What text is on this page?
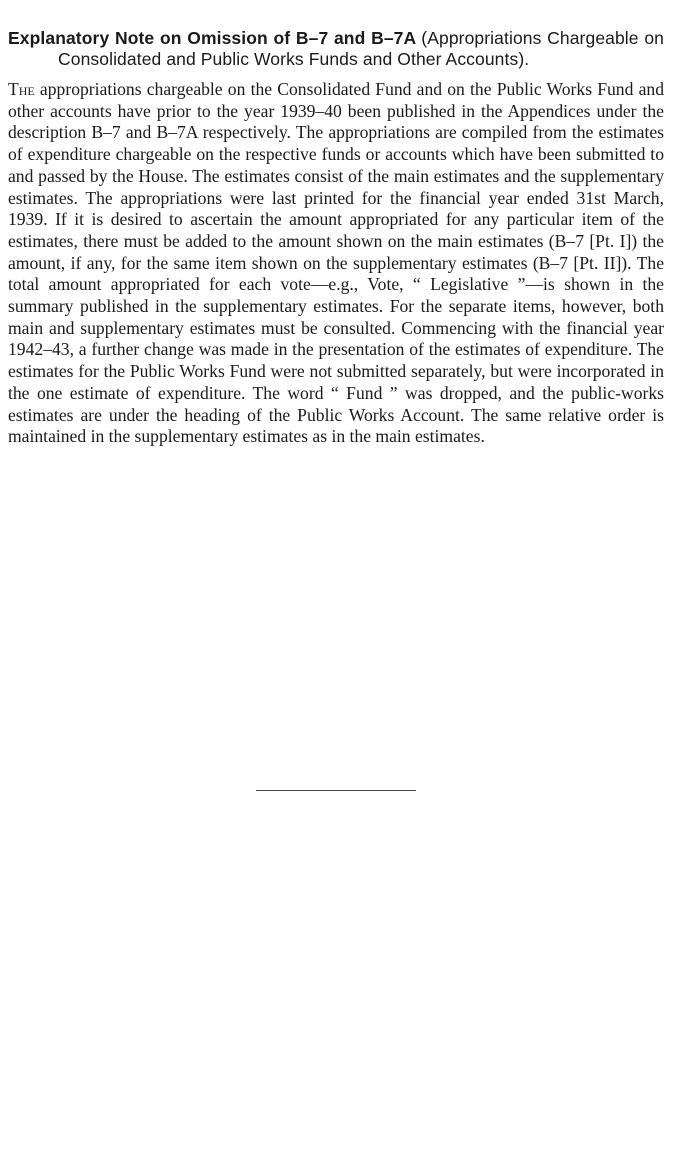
Explanatory Note on Omission of B–7 and B–7A (Appropriations Chargeable on Consolidated and Public Works Funds and Other Accounts).

The appropriations chargeable on the Consolidated Fund and on the Public Works Fund and other accounts have prior to the year 1939–40 been published in the Appendices under the description B–7 and B–7A respectively. The appropriations are compiled from the estimates of expenditure chargeable on the respective funds or accounts which have been submitted to and passed by the House. The estimates consist of the main estimates and the supplementary estimates. The appropriations were last printed for the financial year ended 31st March, 1939. If it is desired to ascertain the amount appropriated for any particular item of the estimates, there must be added to the amount shown on the main estimates (B–7 [Pt. I]) the amount, if any, for the same item shown on the supplementary estimates (B–7 [Pt. II]). The total amount appropriated for each vote—e.g., Vote, “ Legislative ”—is shown in the summary published in the supplementary estimates. For the separate items, however, both main and supplementary estimates must be consulted. Commencing with the financial year 1942–43, a further change was made in the presentation of the estimates of expenditure. The estimates for the Public Works Fund were not submitted separately, but were incorporated in the one estimate of expenditure. The word “ Fund ” was dropped, and the public-works estimates are under the heading of the Public Works Account. The same relative order is maintained in the supplementary estimates as in the main estimates.
